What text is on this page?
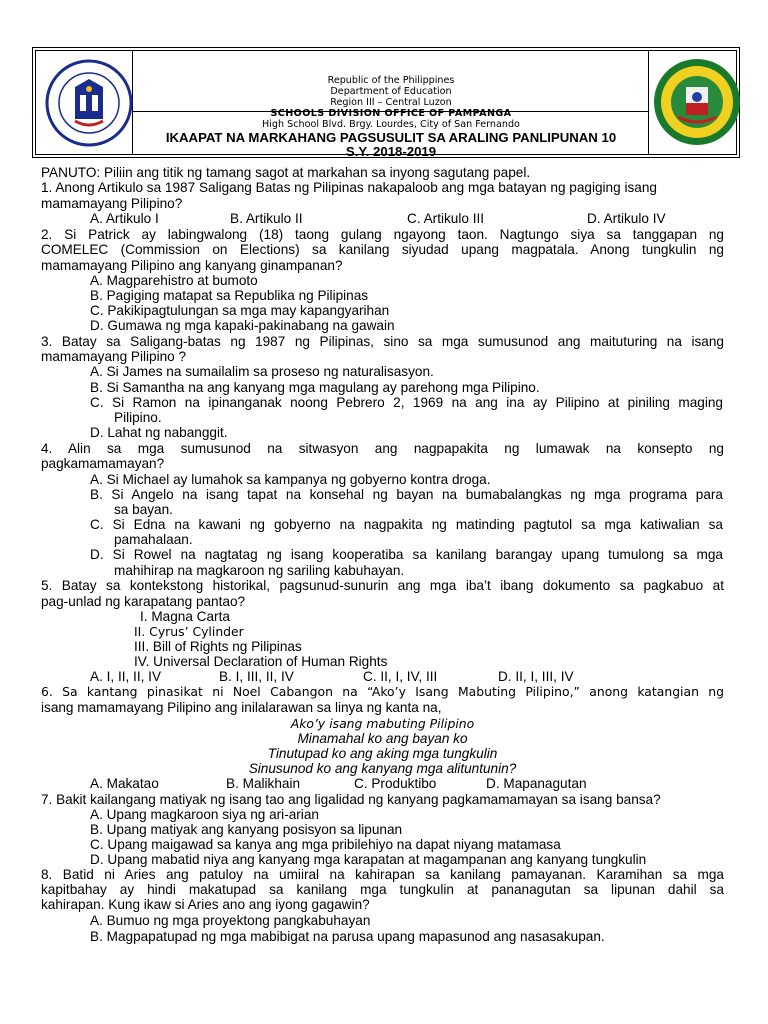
Republic of the Philippines
Department of Education
Region III – Central Luzon
SCHOOLS DIVISION OFFICE OF PAMPANGA
High School Blvd. Brgy. Lourdes, City of San Fernando
IKAAPAT NA MARKAHANG PAGSUSULIT SA ARALING PANLIPUNAN 10
S.Y. 2018-2019
PANUTO: Piliin ang titik ng tamang sagot at markahan sa inyong sagutang papel.
1. Anong Artikulo sa 1987 Saligang Batas ng Pilipinas nakapaloob ang mga batayan ng pagiging isang
mamamayang Pilipino?
A. Artikulo I	B. Artikulo II	C. Artikulo III	D. Artikulo IV
2. Si Patrick ay labingwalong (18) taong gulang ngayong taon. Nagtungo siya sa tanggapan ng
COMELEC (Commission on Elections) sa kanilang siyudad upang magpatala. Anong tungkulin ng
mamamayang Pilipino ang kanyang ginampanan?
A. Magparehistro at bumoto
B. Pagiging matapat sa Republika ng Pilipinas
C. Pakikipagtulungan sa mga may kapangyarihan
D. Gumawa ng mga kapaki-pakinabang na gawain
3. Batay sa Saligang-batas ng 1987 ng Pilipinas, sino sa mga sumusunod ang maituturing na isang
mamamayang Pilipino ?
A. Si James na sumailalim sa proseso ng naturalisasyon.
B. Si Samantha na ang kanyang mga magulang ay parehong mga Pilipino.
C. Si Ramon na ipinanganak noong Pebrero 2, 1969 na ang ina ay Pilipino at piniling maging
Pilipino.
D. Lahat ng nabanggit.
4. Alin sa mga sumusunod na sitwasyon ang nagpapakita ng lumawak na konsepto ng
pagkamamamayan?
A. Si Michael ay lumahok sa kampanya ng gobyerno kontra droga.
B. Si Angelo na isang tapat na konsehal ng bayan na bumabalangkas ng mga programa para
sa bayan.
C. Si Edna na kawani ng gobyerno na nagpakita ng matinding pagtutol sa mga katiwalian sa
pamahalaan.
D. Si Rowel na nagtatag ng isang kooperatiba sa kanilang barangay upang tumulong sa mga
mahihirap na magkaroon ng sariling kabuhayan.
5. Batay sa kontekstong historikal, pagsunud-sunurin ang mga iba’t ibang dokumento sa pagkabuo at
pag-unlad ng karapatang pantao?
I. Magna Carta
II. Cyrus’ Cylinder
III. Bill of Rights ng Pilipinas
IV. Universal Declaration of Human Rights
A. I, II, II, IV	B. I, III, II, IV	C. II, I, IV, III	D. II, I, III, IV
6. Sa kantang pinasikat ni Noel Cabangon na “Ako’y Isang Mabuting Pilipino,” anong katangian ng
isang mamamayang Pilipino ang inilalarawan sa linya ng kanta na,
Ako’y isang mabuting Pilipino
Minamahal ko ang bayan ko
Tinutupad ko ang aking mga tungkulin
Sinusunod ko ang kanyang mga alituntunin?
A. Makatao	B. Malikhain	C. Produktibo	D. Mapanagutan
7. Bakit kailangang matiyak ng isang tao ang ligalidad ng kanyang pagkamamamayan sa isang bansa?
A. Upang magkaroon siya ng ari-arian
B. Upang matiyak ang kanyang posisyon sa lipunan
C. Upang maigawad sa kanya ang mga pribilehiyo na dapat niyang matamasa
D. Upang mabatid niya ang kanyang mga karapatan at magampanan ang kanyang tungkulin
8. Batid ni Aries ang patuloy na umiiral na kahirapan sa kanilang pamayanan. Karamihan sa mga
kapitbahay ay hindi makatupad sa kanilang mga tungkulin at pananagutan sa lipunan dahil sa
kahirapan. Kung ikaw si Aries ano ang iyong gagawin?
A. Bumuo ng mga proyektong pangkabuhayan
B. Magpapatupad ng mga mabibigat na parusa upang mapasunod ang nasasakupan.
